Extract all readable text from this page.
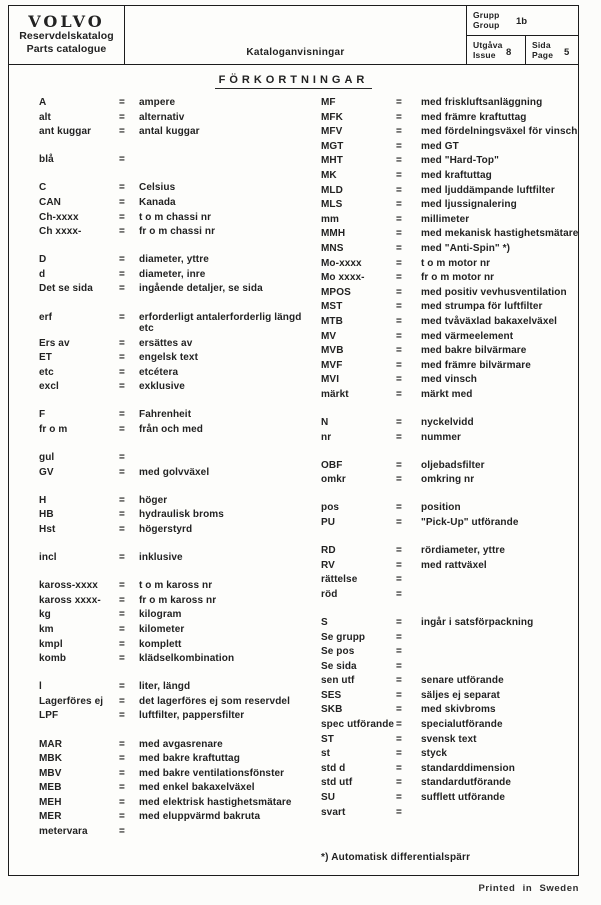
VOLVO
Reservdelskatalog
Parts catalogue	Kataloganvisningar
Grupp
Group	1b
Utgåva
Issue	8
Sida
Page	5
FÖRKORTNINGAR
A	=	ampere
alt	=	alternativ
ant kuggar	=	antal kuggar
blå	=
C	=	Celsius
CAN	=	Kanada
Ch-xxxx	=	t o m chassi nr
Ch xxxx-	=	fr o m chassi nr
D	=	diameter, yttre
d	=	diameter, inre
Det se sida	=	ingående detaljer, se sida
erf	=	erforderligt antalerforderlig längd etc
Ers av	=	ersättes av
ET	=	engelsk text
etc	=	etcétera
excl	=	exklusive
F	=	Fahrenheit
fr o m	=	från och med
gul	=
GV	=	med golvväxel
H	=	höger
HB	=	hydraulisk broms
Hst	=	högerstyrd
incl	=	inklusive
kaross-xxxx	=	t o m kaross nr
kaross xxxx-	=	fr o m kaross nr
kg	=	kilogram
km	=	kilometer
kmpl	=	komplett
komb	=	klädselkombination
l	=	liter, längd
Lagerföres ej	=	det lagerföres ej som reservdel
LPF	=	luftfilter, pappersfilter
MAR	=	med avgasrenare
MBK	=	med bakre kraftuttag
MBV	=	med bakre ventilationsfönster
MEB	=	med enkel bakaxelväxel
MEH	=	med elektrisk hastighetsmätare
MER	=	med eluppvärmd bakruta
metervara	=
MF	=	med friskluftsanläggning
MFK	=	med främre kraftuttag
MFV	=	med fördelningsväxel för vinsch
MGT	=	med GT
MHT	=	med "Hard-Top"
MK	=	med kraftuttag
MLD	=	med ljuddämpande luftfilter
MLS	=	med ljussignalering
mm	=	millimeter
MMH	=	med mekanisk hastighetsmätare
MNS	=	med "Anti-Spin" *)
Mo-xxxx	=	t o m motor nr
Mo xxxx-	=	fr o m motor nr
MPOS	=	med positiv vevhusventilation
MST	=	med strumpa för luftfilter
MTB	=	med tvåväxlad bakaxelväxel
MV	=	med värmeelement
MVB	=	med bakre bilvärmare
MVF	=	med främre bilvärmare
MVI	=	med vinsch
märkt	=	märkt med
N	=	nyckelvidd
nr	=	nummer
OBF	=	oljebadsfilter
omkr	=	omkring nr
pos	=	position
PU	=	"Pick-Up" utförande
RD	=	rördiameter, yttre
RV	=	med rattväxel
rättelse	=
röd	=
S	=	ingår i satsförpackning
Se grupp	=
Se pos	=
Se sida	=
sen utf	=	senare utförande
SES	=	säljes ej separat
SKB	=	med skivbroms
spec utförande =	specialutförande
ST	=	svensk text
st	=	styck
std d	=	standarddimension
std utf	=	standardutförande
SU	=	sufflett utförande
svart	=
*) Automatisk differentialspärr
Printed in Sweden
